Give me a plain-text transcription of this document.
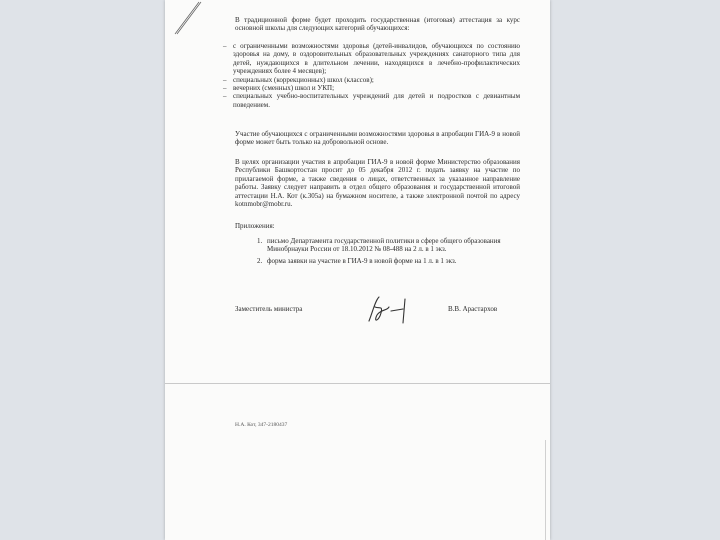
В традиционной форме будет проходить государственная (итоговая) аттестация за курс основной школы для следующих категорий обучающихся:

– с ограниченными возможностями здоровья (детей-инвалидов, обучающихся по состоянию здоровья на дому, в оздоровительных образовательных учреждениях санаторного типа для детей, нуждающихся в длительном лечении, находящихся в лечебно-профилактических учреждениях более 4 месяцев);
– специальных (коррекционных) школ (классов);
– вечерних (сменных) школ и УКП;
– специальных учебно-воспитательных учреждений для детей и подростков с девиантным поведением.

Участие обучающихся с ограниченными возможностями здоровья в апробации ГИА-9 в новой форме может быть только на добровольной основе.

В целях организации участия в апробации ГИА-9 в новой форме Министерство образования Республики Башкортостан просит до 05 декабря 2012 г. подать заявку на участие по прилагаемой форме, а также сведения о лицах, ответственных за указанное направление работы. Заявку следует направить в отдел общего образования и государственной итоговой аттестации Н.А. Кот (к.305а) на бумажном носителе, а также электронной почтой по адресу kotnmobr@mobr.ru.

Приложения:

1. письмо Департамента государственной политики в сфере общего образования Минобрнауки России от 18.10.2012 № 08-488 на 2 л. в 1 экз.
2. форма заявки на участие в ГИА-9 в новой форме на 1 л. в 1 экз.
Заместитель министра	В.В. Арастархов
Н.А. Кот, 347-2180437
